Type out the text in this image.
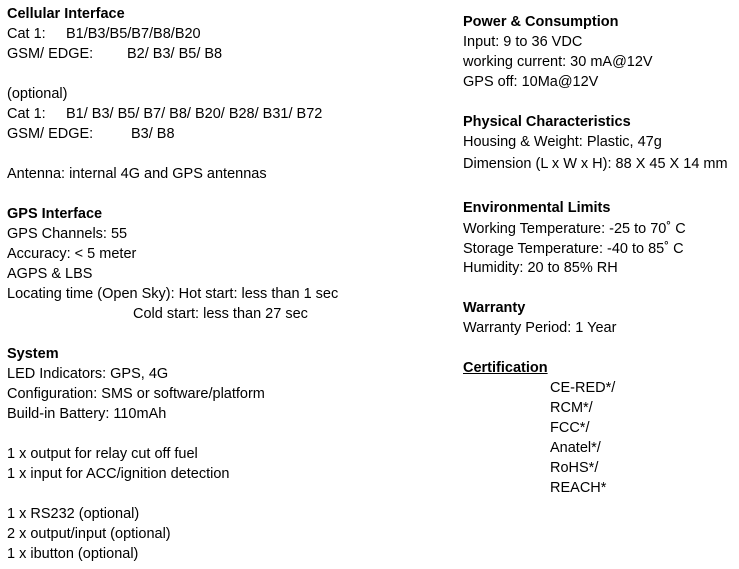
Cellular Interface
Cat 1: B1/B3/B5/B7/B8/B20
GSM/ EDGE: B2/ B3/ B5/ B8
(optional)
Cat 1: B1/ B3/ B5/ B7/ B8/ B20/ B28/ B31/ B72
GSM/ EDGE:	B3/ B8
Antenna: internal 4G and GPS antennas
GPS Interface
GPS Channels: 55
Accuracy: < 5 meter
AGPS & LBS
Locating time (Open Sky): Hot start: less than 1 sec
Cold start: less than 27 sec
System
LED Indicators: GPS, 4G
Configuration: SMS or software/platform
Build-in Battery: 110mAh
1 x output for relay cut off fuel
1 x input for ACC/ignition detection
1 x RS232 (optional)
2 x output/input (optional)
1 x ibutton (optional)
Power & Consumption
Input: 9 to 36 VDC
working current: 30 mA@12V
GPS off: 10Ma@12V
Physical Characteristics
Housing & Weight: Plastic, 47g
Dimension (L x W x H): 88 X 45 X 14 mm
Environmental Limits
Working Temperature: -25 to 70˚ C
Storage Temperature: -40 to 85˚ C
Humidity: 20 to 85% RH
Warranty
Warranty Period: 1 Year
Certification
CE-RED*/
RCM*/
FCC*/
Anatel*/
RoHS*/
REACH*
